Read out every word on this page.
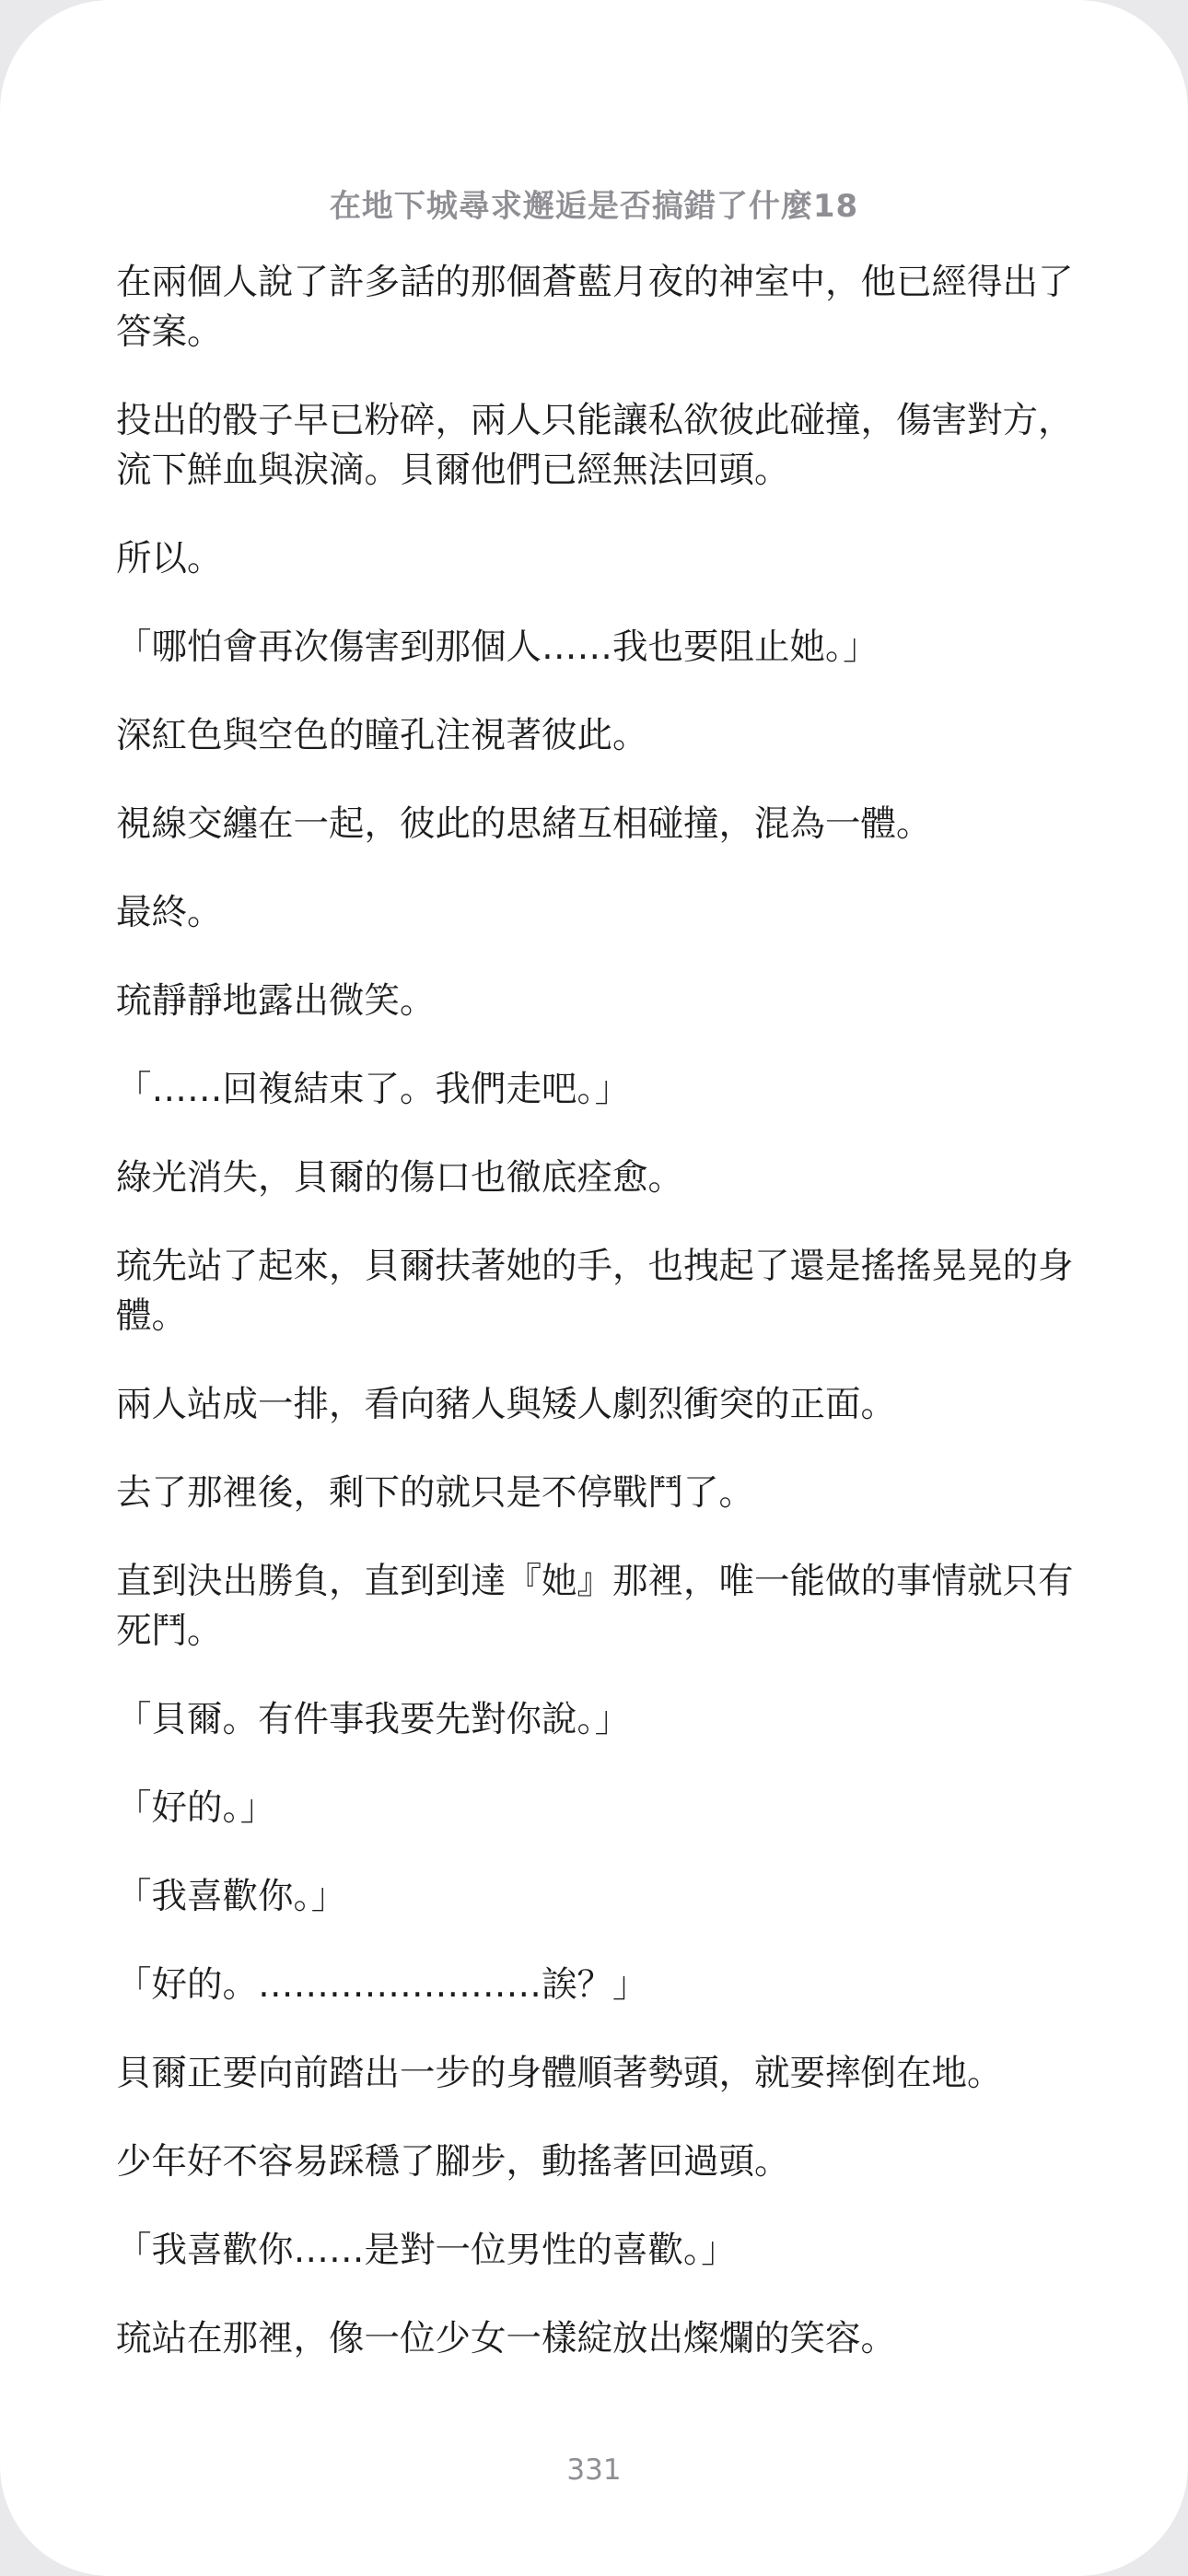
在地下城尋求邂逅是否搞錯了什麼18

在兩個人說了許多話的那個蒼藍月夜的神室中，他已經得出了答案。

投出的骰子早已粉碎，兩人只能讓私欲彼此碰撞，傷害對方，流下鮮血與淚滴。貝爾他們已經無法回頭。

所以。

「哪怕會再次傷害到那個人……我也要阻止她。」

深紅色與空色的瞳孔注視著彼此。

視線交纏在一起，彼此的思緒互相碰撞，混為一體。

最終。

琉靜靜地露出微笑。

「……回複結束了。我們走吧。」

綠光消失，貝爾的傷口也徹底痊愈。

琉先站了起來，貝爾扶著她的手，也拽起了還是搖搖晃晃的身體。

兩人站成一排，看向豬人與矮人劇烈衝突的正面。

去了那裡後，剩下的就只是不停戰鬥了。

直到決出勝負，直到到達『她』那裡，唯一能做的事情就只有死鬥。

「貝爾。有件事我要先對你說。」

「好的。」

「我喜歡你。」

「好的。……………………誒？」

貝爾正要向前踏出一步的身體順著勢頭，就要摔倒在地。

少年好不容易踩穩了腳步，動搖著回過頭。

「我喜歡你……是對一位男性的喜歡。」

琉站在那裡，像一位少女一樣綻放出燦爛的笑容。

331
